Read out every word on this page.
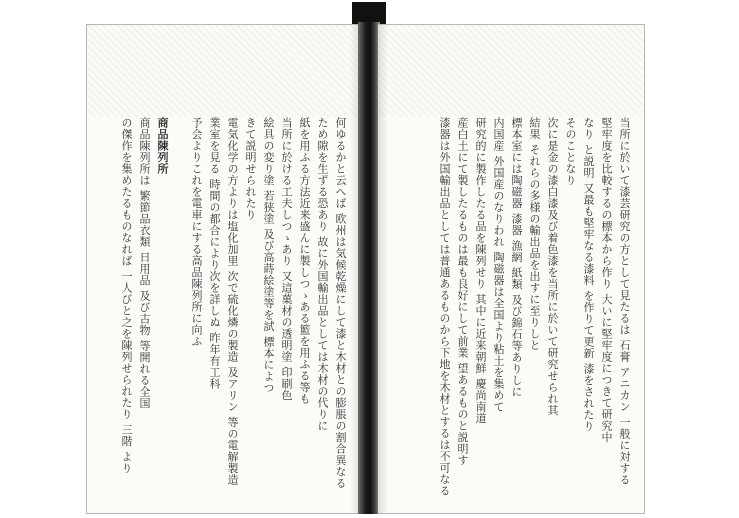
何ゆるかと云へば 欧州は気候乾燥にして漆と木材との膨脹の割合異なる
ため隙を生ずる恐あり 故に外国輸出品としては木材の代りに
紙を用ふる方法近来盛んに製しつゝある籃を用ふる等も
当所に於ける工夫しつゝあり 又這菓材の透明塗 印刷色
絵具の変り塗 若狭塗 及び高蒔絵塗等を試 標本によつ
きて説明せられたり
電気化学の方よりは塩化加里 次で硫化燐の製造 及アリン 等の電解製造
業室を見る 時間の都合により次を詳しぬ 昨年有工科
予会よりこれを電車にする高品陳列所に向ふ
商品陳列所
商品陳列所は 繁節品衣類 日用品 及び古物 等開れる全国
の傑作を集めたるものなれば 一人びと之を陳列せられたり 三階 より	当所に於いて漆芸研究の方として見たるは 石膏 アニカン 一般に対する
堅牢度を比較するの標本から作り 大いに堅牢度につきて研究中
なり と説明 又最も堅牢なる漆料 を作りて更新 漆をされたり
そのことなり
次に是金の漆白漆及び着色漆を当所に於いて研究せられ其
結果 それらの多様の輸出品を出すに至りしと
標本室には陶磁器 漆器 漁網 紙類 及び錦石等ありしに
内国産 外国産のなりわれ 陶磁器は全国より粘土を集めて
研究的に製作したる品を陳列せり 其中に近来朝鮮 慶尚南道
産白土にて製したるものは最も良好にして前業 望あるものと説明す
漆器は外国輸出品としては普通あるものから下地を木材とするは不可なる
